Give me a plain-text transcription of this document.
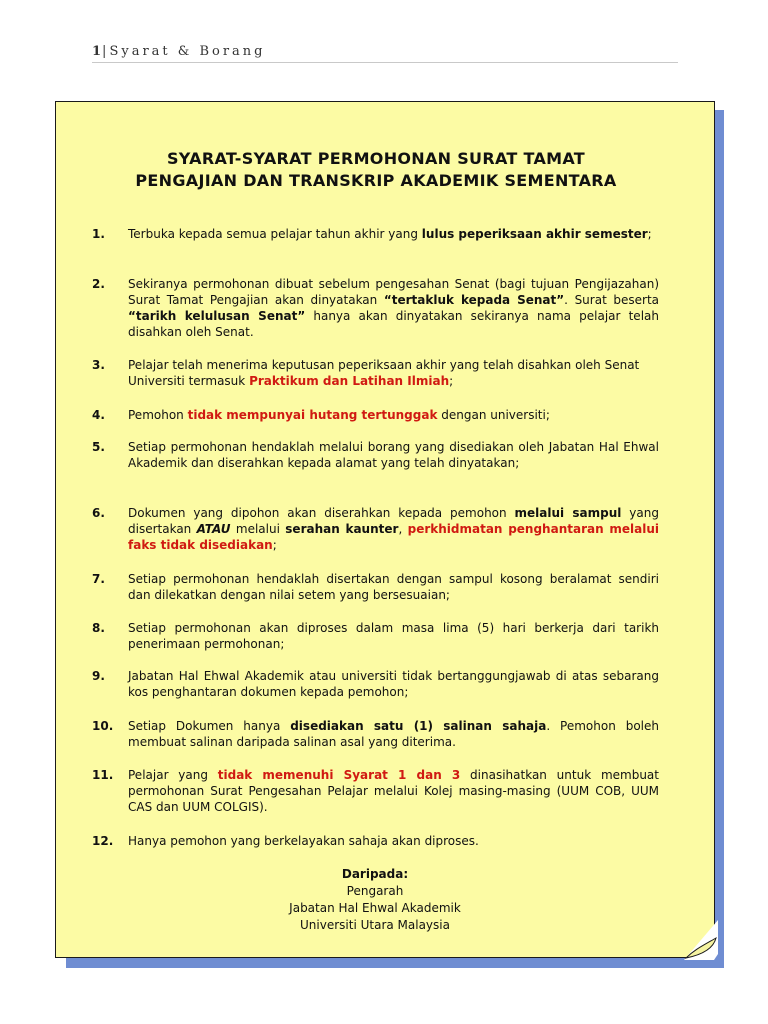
1|Syarat & Borang
SYARAT-SYARAT PERMOHONAN SURAT TAMAT
PENGAJIAN DAN TRANSKRIP AKADEMIK SEMENTARA
1. Terbuka kepada semua pelajar tahun akhir yang lulus peperiksaan akhir semester;
2. Sekiranya permohonan dibuat sebelum pengesahan Senat (bagi tujuan Pengijazahan) Surat Tamat Pengajian akan dinyatakan “tertakluk kepada Senat”. Surat beserta “tarikh kelulusan Senat” hanya akan dinyatakan sekiranya nama pelajar telah disahkan oleh Senat.
3. Pelajar telah menerima keputusan peperiksaan akhir yang telah disahkan oleh Senat Universiti termasuk Praktikum dan Latihan Ilmiah;
4. Pemohon tidak mempunyai hutang tertunggak dengan universiti;
5. Setiap permohonan hendaklah melalui borang yang disediakan oleh Jabatan Hal Ehwal Akademik dan diserahkan kepada alamat yang telah dinyatakan;
6. Dokumen yang dipohon akan diserahkan kepada pemohon melalui sampul yang disertakan ATAU melalui serahan kaunter, perkhidmatan penghantaran melalui faks tidak disediakan;
7. Setiap permohonan hendaklah disertakan dengan sampul kosong beralamat sendiri dan dilekatkan dengan nilai setem yang bersesuaian;
8. Setiap permohonan akan diproses dalam masa lima (5) hari berkerja dari tarikh penerimaan permohonan;
9. Jabatan Hal Ehwal Akademik atau universiti tidak bertanggungjawab di atas sebarang kos penghantaran dokumen kepada pemohon;
10. Setiap Dokumen hanya disediakan satu (1) salinan sahaja. Pemohon boleh membuat salinan daripada salinan asal yang diterima.
11. Pelajar yang tidak memenuhi Syarat 1 dan 3 dinasihatkan untuk membuat permohonan Surat Pengesahan Pelajar melalui Kolej masing-masing (UUM COB, UUM CAS dan UUM COLGIS).
12. Hanya pemohon yang berkelayakan sahaja akan diproses.
Daripada:
Pengarah
Jabatan Hal Ehwal Akademik
Universiti Utara Malaysia
